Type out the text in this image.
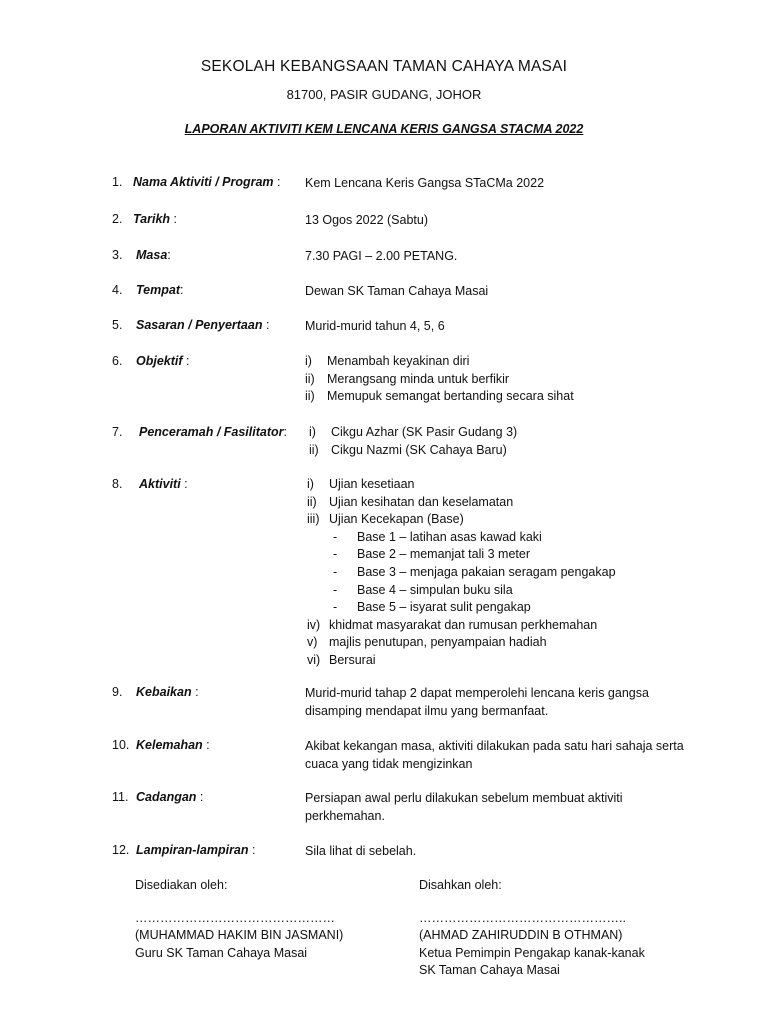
SEKOLAH KEBANGSAAN TAMAN CAHAYA MASAI
81700, PASIR GUDANG, JOHOR
LAPORAN AKTIVITI KEM LENCANA KERIS GANGSA STACMA 2022
1. Nama Aktiviti / Program : Kem Lencana Keris Gangsa STaCMa 2022
2. Tarikh :	13 Ogos 2022 (Sabtu)
3. Masa:	7.30 PAGI – 2.00 PETANG.
4. Tempat:	Dewan SK Taman Cahaya Masai
5. Sasaran / Penyertaan :	Murid-murid tahun 4, 5, 6
6. Objektif :	i) Menambah keyakinan diri
ii) Merangsang minda untuk berfikir
ii) Memupuk semangat bertanding secara sihat
7. Penceramah / Fasilitator: i) Cikgu Azhar (SK Pasir Gudang 3)
ii) Cikgu Nazmi (SK Cahaya Baru)
8. Aktiviti :	i) Ujian kesetiaan
ii) Ujian kesihatan dan keselamatan
iii) Ujian Kecekapan (Base)
- Base 1 – latihan asas kawad kaki
- Base 2 – memanjat tali 3 meter
- Base 3 – menjaga pakaian seragam pengakap
- Base 4 – simpulan buku sila
- Base 5 – isyarat sulit pengakap
iv) khidmat masyarakat dan rumusan perkhemahan
v) majlis penutupan, penyampaian hadiah
vi) Bersurai
9. Kebaikan :	Murid-murid tahap 2 dapat memperolehi lencana keris gangsa
disamping mendapat ilmu yang bermanfaat.
10. Kelemahan :	Akibat kekangan masa, aktiviti dilakukan pada satu hari sahaja serta
cuaca yang tidak mengizinkan
11. Cadangan :	Persiapan awal perlu dilakukan sebelum membuat aktiviti
perkhemahan.
12. Lampiran-lampiran :	Sila lihat di sebelah.
Disediakan oleh:
…………………………………………
(MUHAMMAD HAKIM BIN JASMANI)
Guru SK Taman Cahaya Masai
Disahkan oleh:
…………………………………………..
(AHMAD ZAHIRUDDIN B OTHMAN)
Ketua Pemimpin Pengakap kanak-kanak
SK Taman Cahaya Masai
